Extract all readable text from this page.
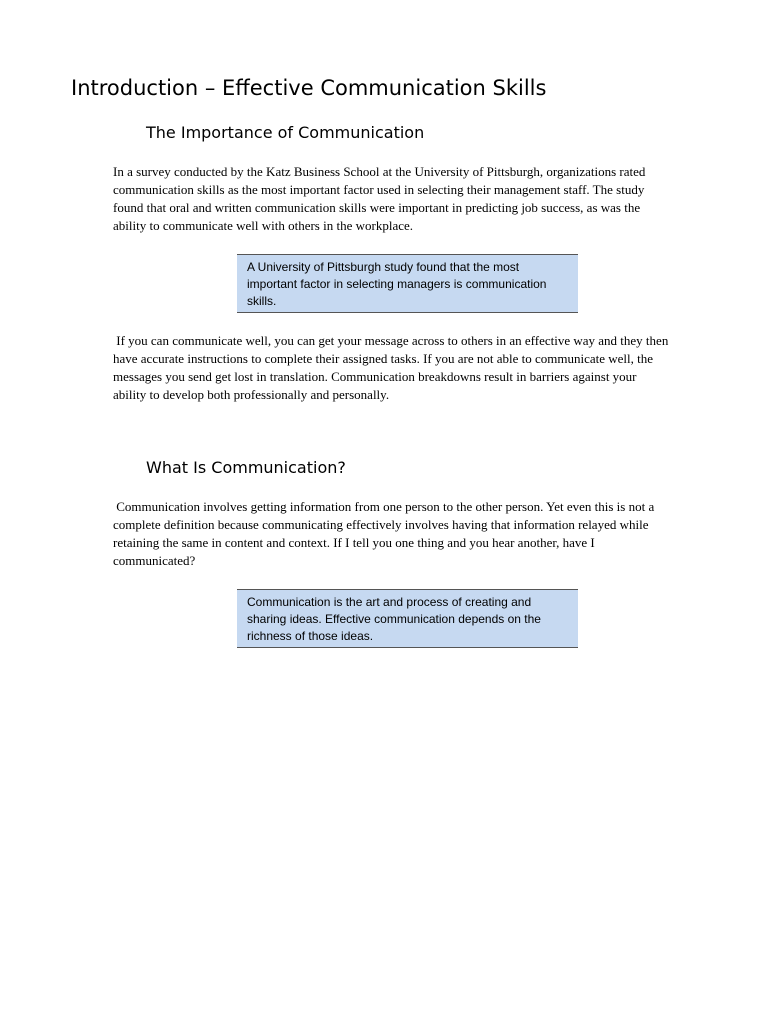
Introduction – Effective Communication Skills
The Importance of Communication

In a survey conducted by the Katz Business School at the University of Pittsburgh, organizations rated
communication skills as the most important factor used in selecting their management staff. The study
found that oral and written communication skills were important in predicting job success, as was the
ability to communicate well with others in the workplace.

A University of Pittsburgh study found that the most
important factor in selecting managers is communication
skills.

If you can communicate well, you can get your message across to others in an effective way and they then
have accurate instructions to complete their assigned tasks. If you are not able to communicate well, the
messages you send get lost in translation. Communication breakdowns result in barriers against your
ability to develop both professionally and personally.

What Is Communication?

Communication involves getting information from one person to the other person. Yet even this is not a
complete definition because communicating effectively involves having that information relayed while
retaining the same in content and context. If I tell you one thing and you hear another, have I
communicated?

Communication is the art and process of creating and
sharing ideas. Effective communication depends on the
richness of those ideas.
